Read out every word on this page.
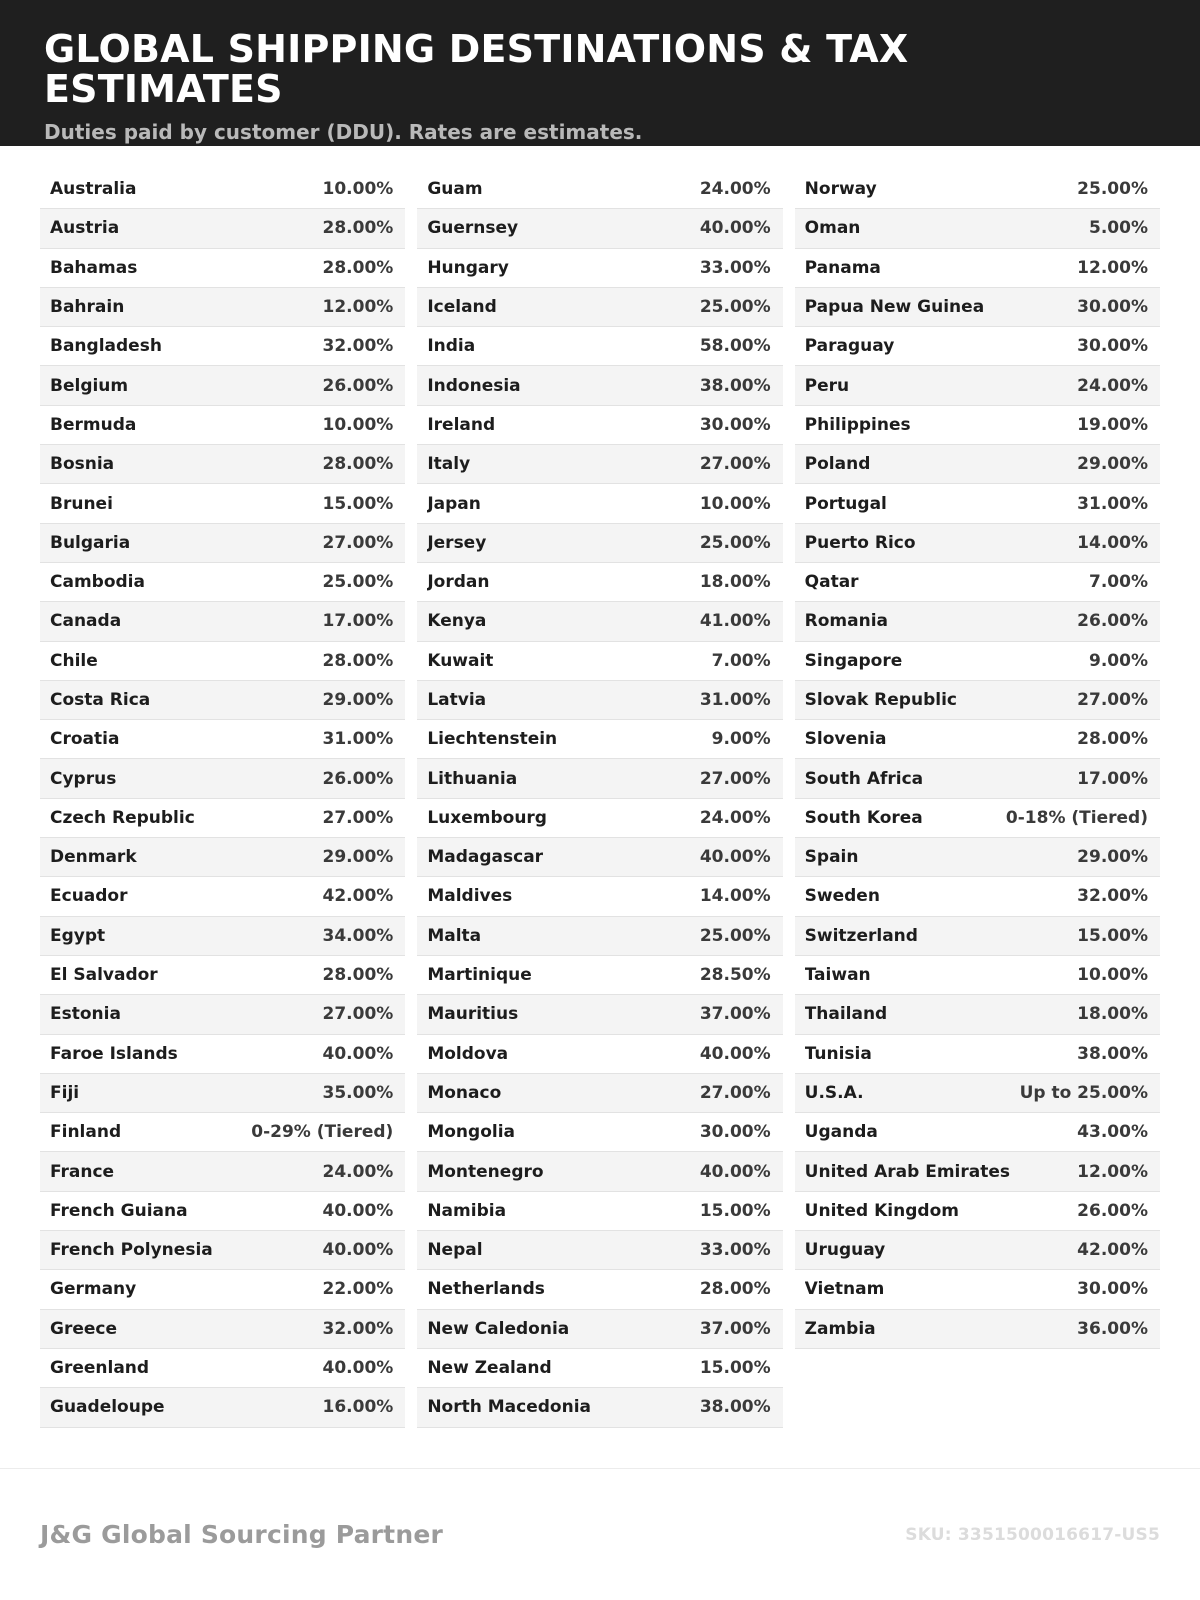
GLOBAL SHIPPING DESTINATIONS & TAX ESTIMATES

Duties paid by customer (DDU). Rates are estimates.

Australia	10.00%
Austria	28.00%
Bahamas	28.00%
Bahrain	12.00%
Bangladesh	32.00%
Belgium	26.00%
Bermuda	10.00%
Bosnia	28.00%
Brunei	15.00%
Bulgaria	27.00%
Cambodia	25.00%
Canada	17.00%
Chile	28.00%
Costa Rica	29.00%
Croatia	31.00%
Cyprus	26.00%
Czech Republic	27.00%
Denmark	29.00%
Ecuador	42.00%
Egypt	34.00%
El Salvador	28.00%
Estonia	27.00%
Faroe Islands	40.00%
Fiji	35.00%
Finland	0-29% (Tiered)
France	24.00%
French Guiana	40.00%
French Polynesia	40.00%
Germany	22.00%
Greece	32.00%
Greenland	40.00%
Guadeloupe	16.00%
Guam	24.00%
Guernsey	40.00%
Hungary	33.00%
Iceland	25.00%
India	58.00%
Indonesia	38.00%
Ireland	30.00%
Italy	27.00%
Japan	10.00%
Jersey	25.00%
Jordan	18.00%
Kenya	41.00%
Kuwait	7.00%
Latvia	31.00%
Liechtenstein	9.00%
Lithuania	27.00%
Luxembourg	24.00%
Madagascar	40.00%
Maldives	14.00%
Malta	25.00%
Martinique	28.50%
Mauritius	37.00%
Moldova	40.00%
Monaco	27.00%
Mongolia	30.00%
Montenegro	40.00%
Namibia	15.00%
Nepal	33.00%
Netherlands	28.00%
New Caledonia	37.00%
New Zealand	15.00%
North Macedonia	38.00%
Norway	25.00%
Oman	5.00%
Panama	12.00%
Papua New Guinea	30.00%
Paraguay	30.00%
Peru	24.00%
Philippines	19.00%
Poland	29.00%
Portugal	31.00%
Puerto Rico	14.00%
Qatar	7.00%
Romania	26.00%
Singapore	9.00%
Slovak Republic	27.00%
Slovenia	28.00%
South Africa	17.00%
South Korea	0-18% (Tiered)
Spain	29.00%
Sweden	32.00%
Switzerland	15.00%
Taiwan	10.00%
Thailand	18.00%
Tunisia	38.00%
U.S.A.	Up to 25.00%
Uganda	43.00%
United Arab Emirates	12.00%
United Kingdom	26.00%
Uruguay	42.00%
Vietnam	30.00%
Zambia	36.00%
J&G Global Sourcing Partner	SKU: 3351500016617-US5
